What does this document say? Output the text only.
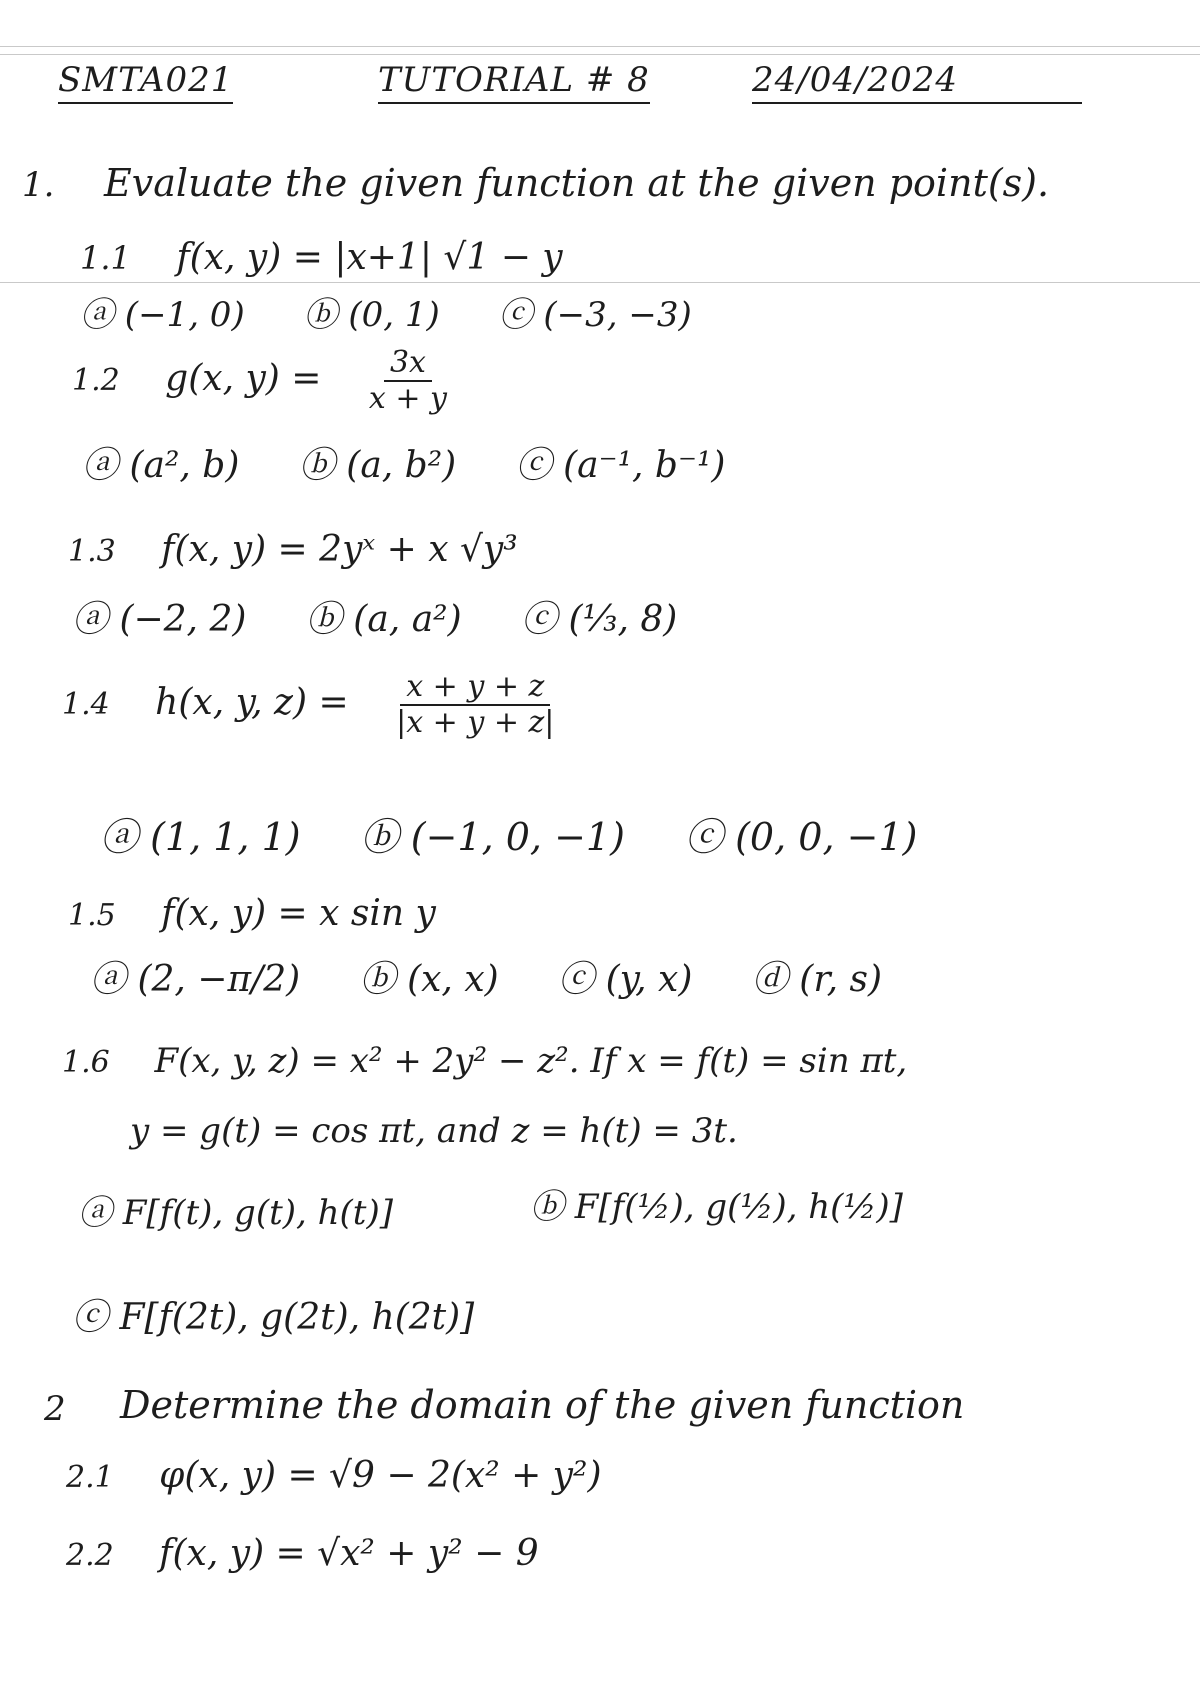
SMTA021	TUTORIAL # 8	24/04/2024
1. Evaluate the given function at the given point(s).
1.1 f(x, y) = |x+1| √1 − y
ⓐ (−1, 0) ⓑ (0, 1) ⓒ (−3, −3)
1.2 g(x, $y) = \frac{3x}{x + y}$
ⓐ (a², b) ⓑ (a, b²) ⓒ (a⁻¹, b⁻¹)
1.3 f(x, y) = 2yˣ + x √y³
ⓐ (−2, 2) ⓑ (a, a²) ⓒ (⅓, 8)
1.4 h(x, y, $z) = \frac{x + y + z}{|x + y + z|}$
ⓐ (1, 1, 1) ⓑ (−1, 0, −1) ⓒ (0, 0, −1)
1.5 f(x, y) = x sin y
ⓐ (2, −π/2) ⓑ (x, x) ⓒ (y, x) ⓓ (r, s)
1.6 F(x, y, z) = x² + 2y² − z². If x = f(t) = sin πt,
y = g(t) = cos πt, and z = h(t) = 3t.
ⓐ F[f(t), g(t), h(t)]	ⓑ F[f(½), g(½), h(½)]
ⓒ F[f(2t), g(2t), h(2t)]
2 Determine the domain of the given function
2.1 φ(x, y) = √9 − 2(x² + y²)
2.2 f(x, y) = √x² + y² − 9
